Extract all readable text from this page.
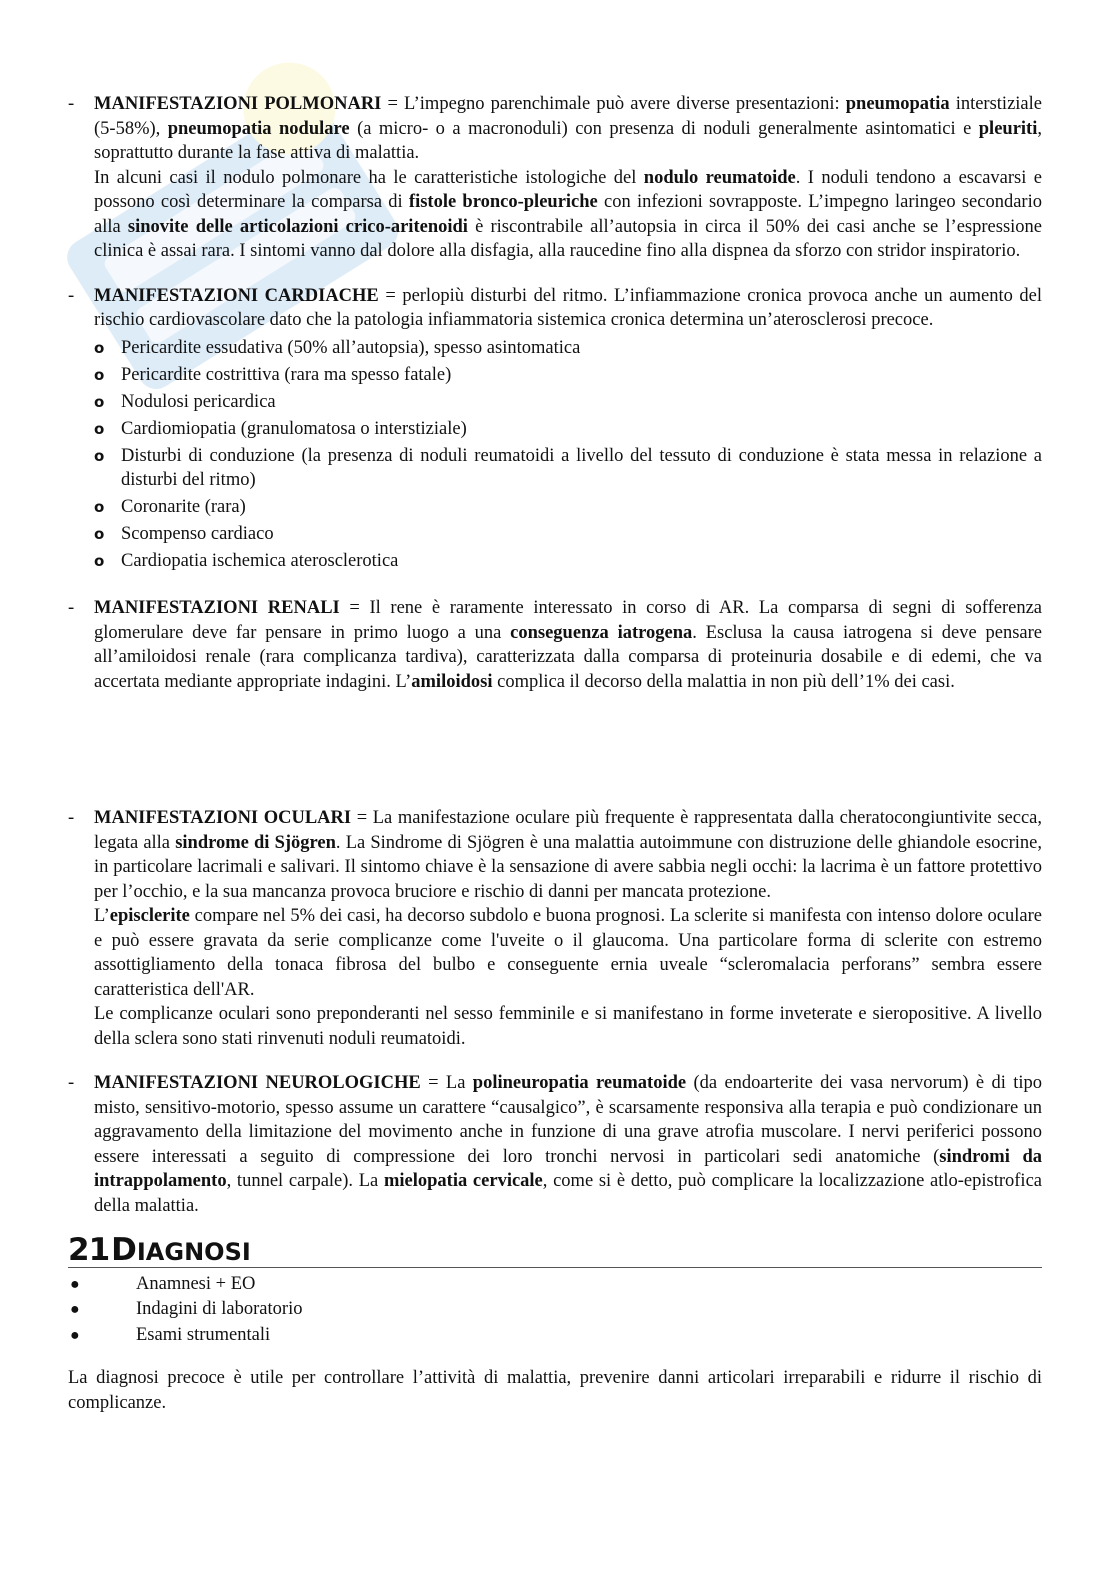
-	MANIFESTAZIONI POLMONARI = L’impegno parenchimale può avere diverse presentazioni: pneumopatia interstiziale (5-58%), pneumopatia nodulare (a micro- o a macronoduli) con presenza di noduli generalmente asintomatici e pleuriti, soprattutto durante la fase attiva di malattia.

In alcuni casi il nodulo polmonare ha le caratteristiche istologiche del nodulo reumatoide. I noduli tendono a escavarsi e possono così determinare la comparsa di fistole bronco-pleuriche con infezioni sovrapposte. L’impegno laringeo secondario alla sinovite delle articolazioni crico-aritenoidi è riscontrabile all’autopsia in circa il 50% dei casi anche se l’espressione clinica è assai rara. I sintomi vanno dal dolore alla disfagia, alla raucedine fino alla dispnea da sforzo con stridor inspiratorio.

-	MANIFESTAZIONI CARDIACHE = perlopiù disturbi del ritmo. L’infiammazione cronica provoca anche un aumento del rischio cardiovascolare dato che la patologia infiammatoria sistemica cronica determina un’aterosclerosi precoce.

o Pericardite essudativa (50% all’autopsia), spesso asintomatica
o Pericardite costrittiva (rara ma spesso fatale)
o Nodulosi pericardica
o Cardiomiopatia (granulomatosa o interstiziale)
o Disturbi di conduzione (la presenza di noduli reumatoidi a livello del tessuto di conduzione è stata messa in relazione a disturbi del ritmo)
o Coronarite (rara)
o Scompenso cardiaco
o Cardiopatia ischemica aterosclerotica
-	MANIFESTAZIONI RENALI = Il rene è raramente interessato in corso di AR. La comparsa di segni di sofferenza glomerulare deve far pensare in primo luogo a una conseguenza iatrogena. Esclusa la causa iatrogena si deve pensare all’amiloidosi renale (rara complicanza tardiva), caratterizzata dalla comparsa di proteinuria dosabile e di edemi, che va accertata mediante appropriate indagini. L’amiloidosi complica il decorso della malattia in non più dell’1% dei casi.

-	MANIFESTAZIONI OCULARI = La manifestazione oculare più frequente è rappresentata dalla cheratocongiuntivite secca, legata alla sindrome di Sjögren. La Sindrome di Sjögren è una malattia autoimmune con distruzione delle ghiandole esocrine, in particolare lacrimali e salivari. Il sintomo chiave è la sensazione di avere sabbia negli occhi: la lacrima è un fattore protettivo per l’occhio, e la sua mancanza provoca bruciore e rischio di danni per mancata protezione.

L’episclerite compare nel 5% dei casi, ha decorso subdolo e buona prognosi. La sclerite si manifesta con intenso dolore oculare e può essere gravata da serie complicanze come l'uveite o il glaucoma. Una particolare forma di sclerite con estremo assottigliamento della tonaca fibrosa del bulbo e conseguente ernia uveale “scleromalacia perforans” sembra essere caratteristica dell'AR.

Le complicanze oculari sono preponderanti nel sesso femminile e si manifestano in forme inveterate e sieropositive. A livello della sclera sono stati rinvenuti noduli reumatoidi.

-	MANIFESTAZIONI NEUROLOGICHE = La polineuropatia reumatoide (da endoarterite dei vasa nervorum) è di tipo misto, sensitivo-motorio, spesso assume un carattere “causalgico”, è scarsamente responsiva alla terapia e può condizionare un aggravamento della limitazione del movimento anche in funzione di una grave atrofia muscolare. I nervi periferici possono essere interessati a seguito di compressione dei loro tronchi nervosi in particolari sedi anatomiche (sindromi da intrappolamento, tunnel carpale). La mielopatia cervicale, come si è detto, può complicare la localizzazione atlo-epistrofica della malattia.

21 D IAGNOSI
●	Anamnesi + EO
●	Indagini di laboratorio
●	Esami strumentali

La diagnosi precoce è utile per controllare l’attività di malattia, prevenire danni articolari irreparabili e ridurre il rischio di complicanze.
